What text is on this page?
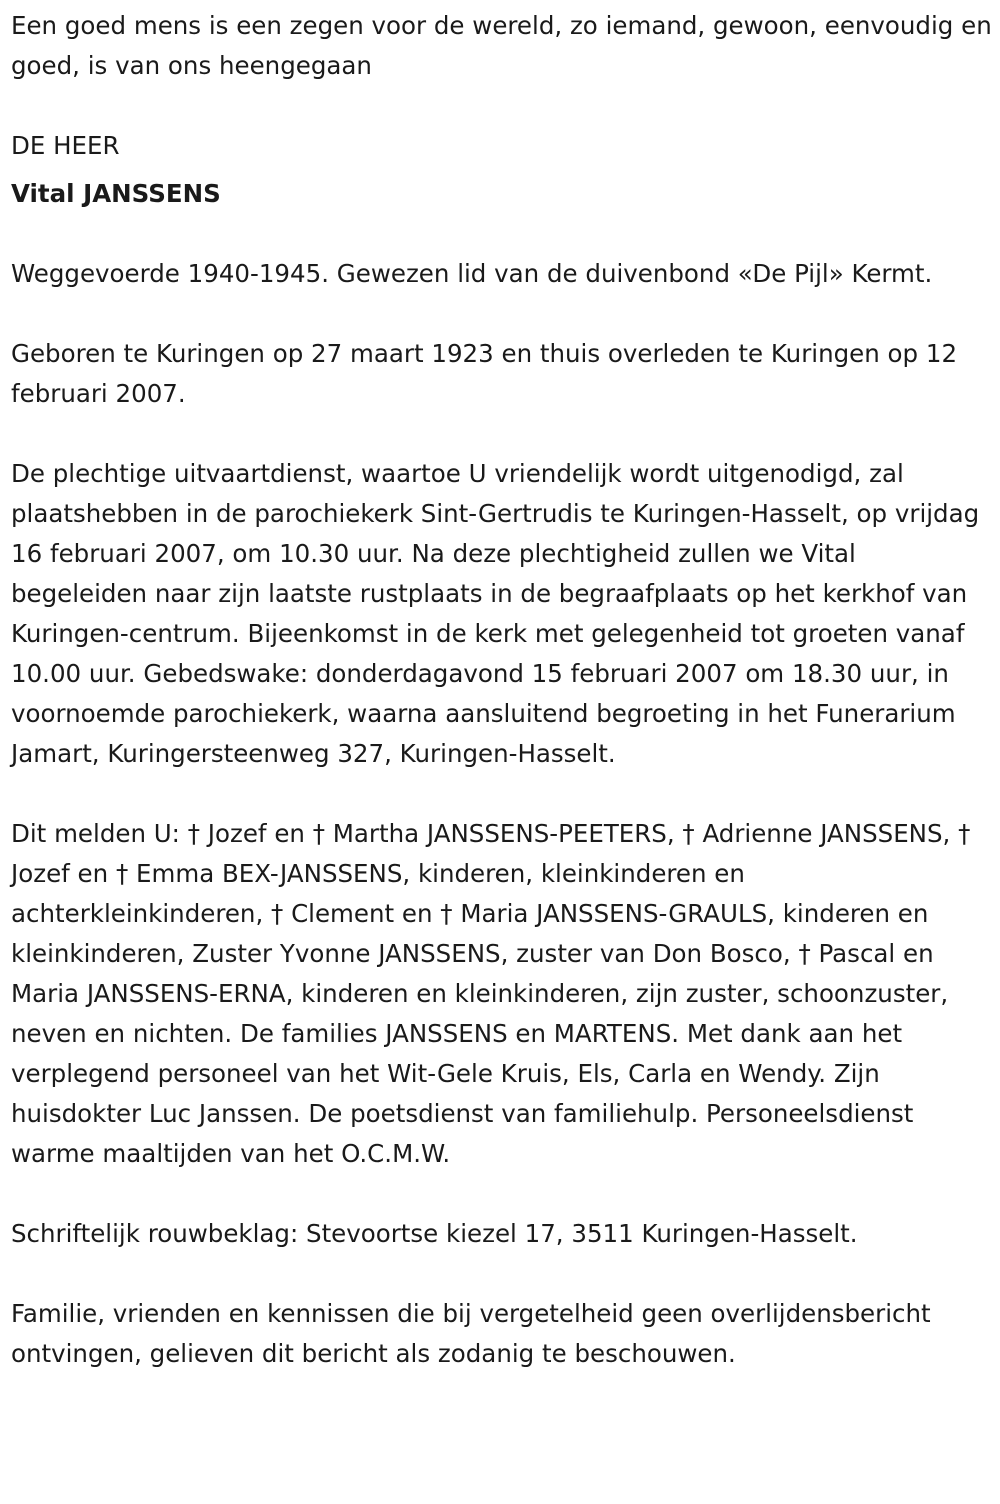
Een goed mens is een zegen voor de wereld, zo iemand, gewoon, eenvoudig en goed, is van ons heengegaan

DE HEER

Vital JANSSENS

Weggevoerde 1940-1945. Gewezen lid van de duivenbond «De Pijl» Kermt.

Geboren te Kuringen op 27 maart 1923 en thuis overleden te Kuringen op 12 februari 2007.

De plechtige uitvaartdienst, waartoe U vriendelijk wordt uitgenodigd, zal plaatshebben in de parochiekerk Sint-Gertrudis te Kuringen-Hasselt, op vrijdag 16 februari 2007, om 10.30 uur. Na deze plechtigheid zullen we Vital begeleiden naar zijn laatste rustplaats in de begraafplaats op het kerkhof van Kuringen-centrum. Bijeenkomst in de kerk met gelegenheid tot groeten vanaf 10.00 uur. Gebedswake: donderdagavond 15 februari 2007 om 18.30 uur, in voornoemde parochiekerk, waarna aansluitend begroeting in het Funerarium Jamart, Kuringersteenweg 327, Kuringen-Hasselt.

Dit melden U: † Jozef en † Martha JANSSENS-PEETERS, † Adrienne JANSSENS, † Jozef en † Emma BEX-JANSSENS, kinderen, kleinkinderen en achterkleinkinderen, † Clement en † Maria JANSSENS-GRAULS, kinderen en kleinkinderen, Zuster Yvonne JANSSENS, zuster van Don Bosco, † Pascal en Maria JANSSENS-ERNA, kinderen en kleinkinderen, zijn zuster, schoonzuster, neven en nichten. De families JANSSENS en MARTENS. Met dank aan het verplegend personeel van het Wit-Gele Kruis, Els, Carla en Wendy. Zijn huisdokter Luc Janssen. De poetsdienst van familiehulp. Personeelsdienst warme maaltijden van het O.C.M.W.

Schriftelijk rouwbeklag: Stevoortse kiezel 17, 3511 Kuringen-Hasselt.

Familie, vrienden en kennissen die bij vergetelheid geen overlijdensbericht ontvingen, gelieven dit bericht als zodanig te beschouwen.
